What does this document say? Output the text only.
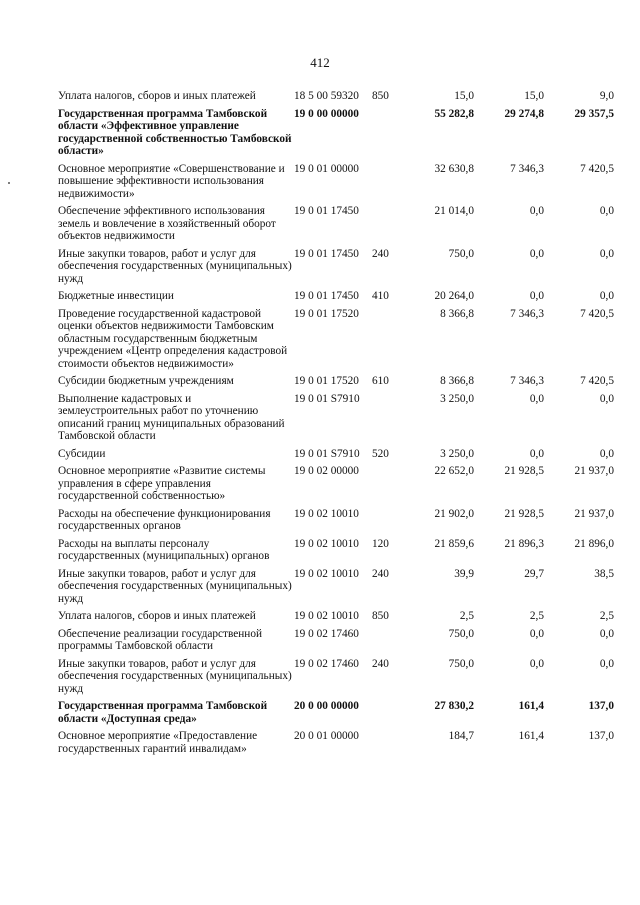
412
Уплата налогов, сборов и иных платежей	18 5 00 59320	850	15,0	15,0	9,0
Государственная программа Тамбовской области «Эффективное управление государственной собственностью Тамбовской области»	19 0 00 00000		55 282,8	29 274,8	29 357,5
Основное мероприятие «Совершенствование и повышение эффективности использования недвижимости»	19 0 01 00000		32 630,8	7 346,3	7 420,5
Обеспечение эффективного использования земель и вовлечение в хозяйственный оборот объектов недвижимости	19 0 01 17450		21 014,0	0,0	0,0
Иные закупки товаров, работ и услуг для обеспечения государственных (муниципальных) нужд	19 0 01 17450	240	750,0	0,0	0,0
Бюджетные инвестиции	19 0 01 17450	410	20 264,0	0,0	0,0
Проведение государственной кадастровой оценки объектов недвижимости Тамбовским областным государственным бюджетным учреждением «Центр определения кадастровой стоимости объектов недвижимости»	19 0 01 17520		8 366,8	7 346,3	7 420,5
Субсидии бюджетным учреждениям	19 0 01 17520	610	8 366,8	7 346,3	7 420,5
Выполнение кадастровых и землеустроительных работ по уточнению описаний границ муниципальных образований Тамбовской области	19 0 01 S7910		3 250,0	0,0	0,0
Субсидии	19 0 01 S7910	520	3 250,0	0,0	0,0
Основное мероприятие «Развитие системы управления в сфере управления государственной собственностью»	19 0 02 00000		22 652,0	21 928,5	21 937,0
Расходы на обеспечение функционирования государственных органов	19 0 02 10010		21 902,0	21 928,5	21 937,0
Расходы на выплаты персоналу государственных (муниципальных) органов	19 0 02 10010	120	21 859,6	21 896,3	21 896,0
Иные закупки товаров, работ и услуг для обеспечения государственных (муниципальных) нужд	19 0 02 10010	240	39,9	29,7	38,5
Уплата налогов, сборов и иных платежей	19 0 02 10010	850	2,5	2,5	2,5
Обеспечение реализации государственной программы Тамбовской области	19 0 02 17460		750,0	0,0	0,0
Иные закупки товаров, работ и услуг для обеспечения государственных (муниципальных) нужд	19 0 02 17460	240	750,0	0,0	0,0
Государственная программа Тамбовской области «Доступная среда»	20 0 00 00000		27 830,2	161,4	137,0
Основное мероприятие «Предоставление государственных гарантий инвалидам»	20 0 01 00000		184,7	161,4	137,0
